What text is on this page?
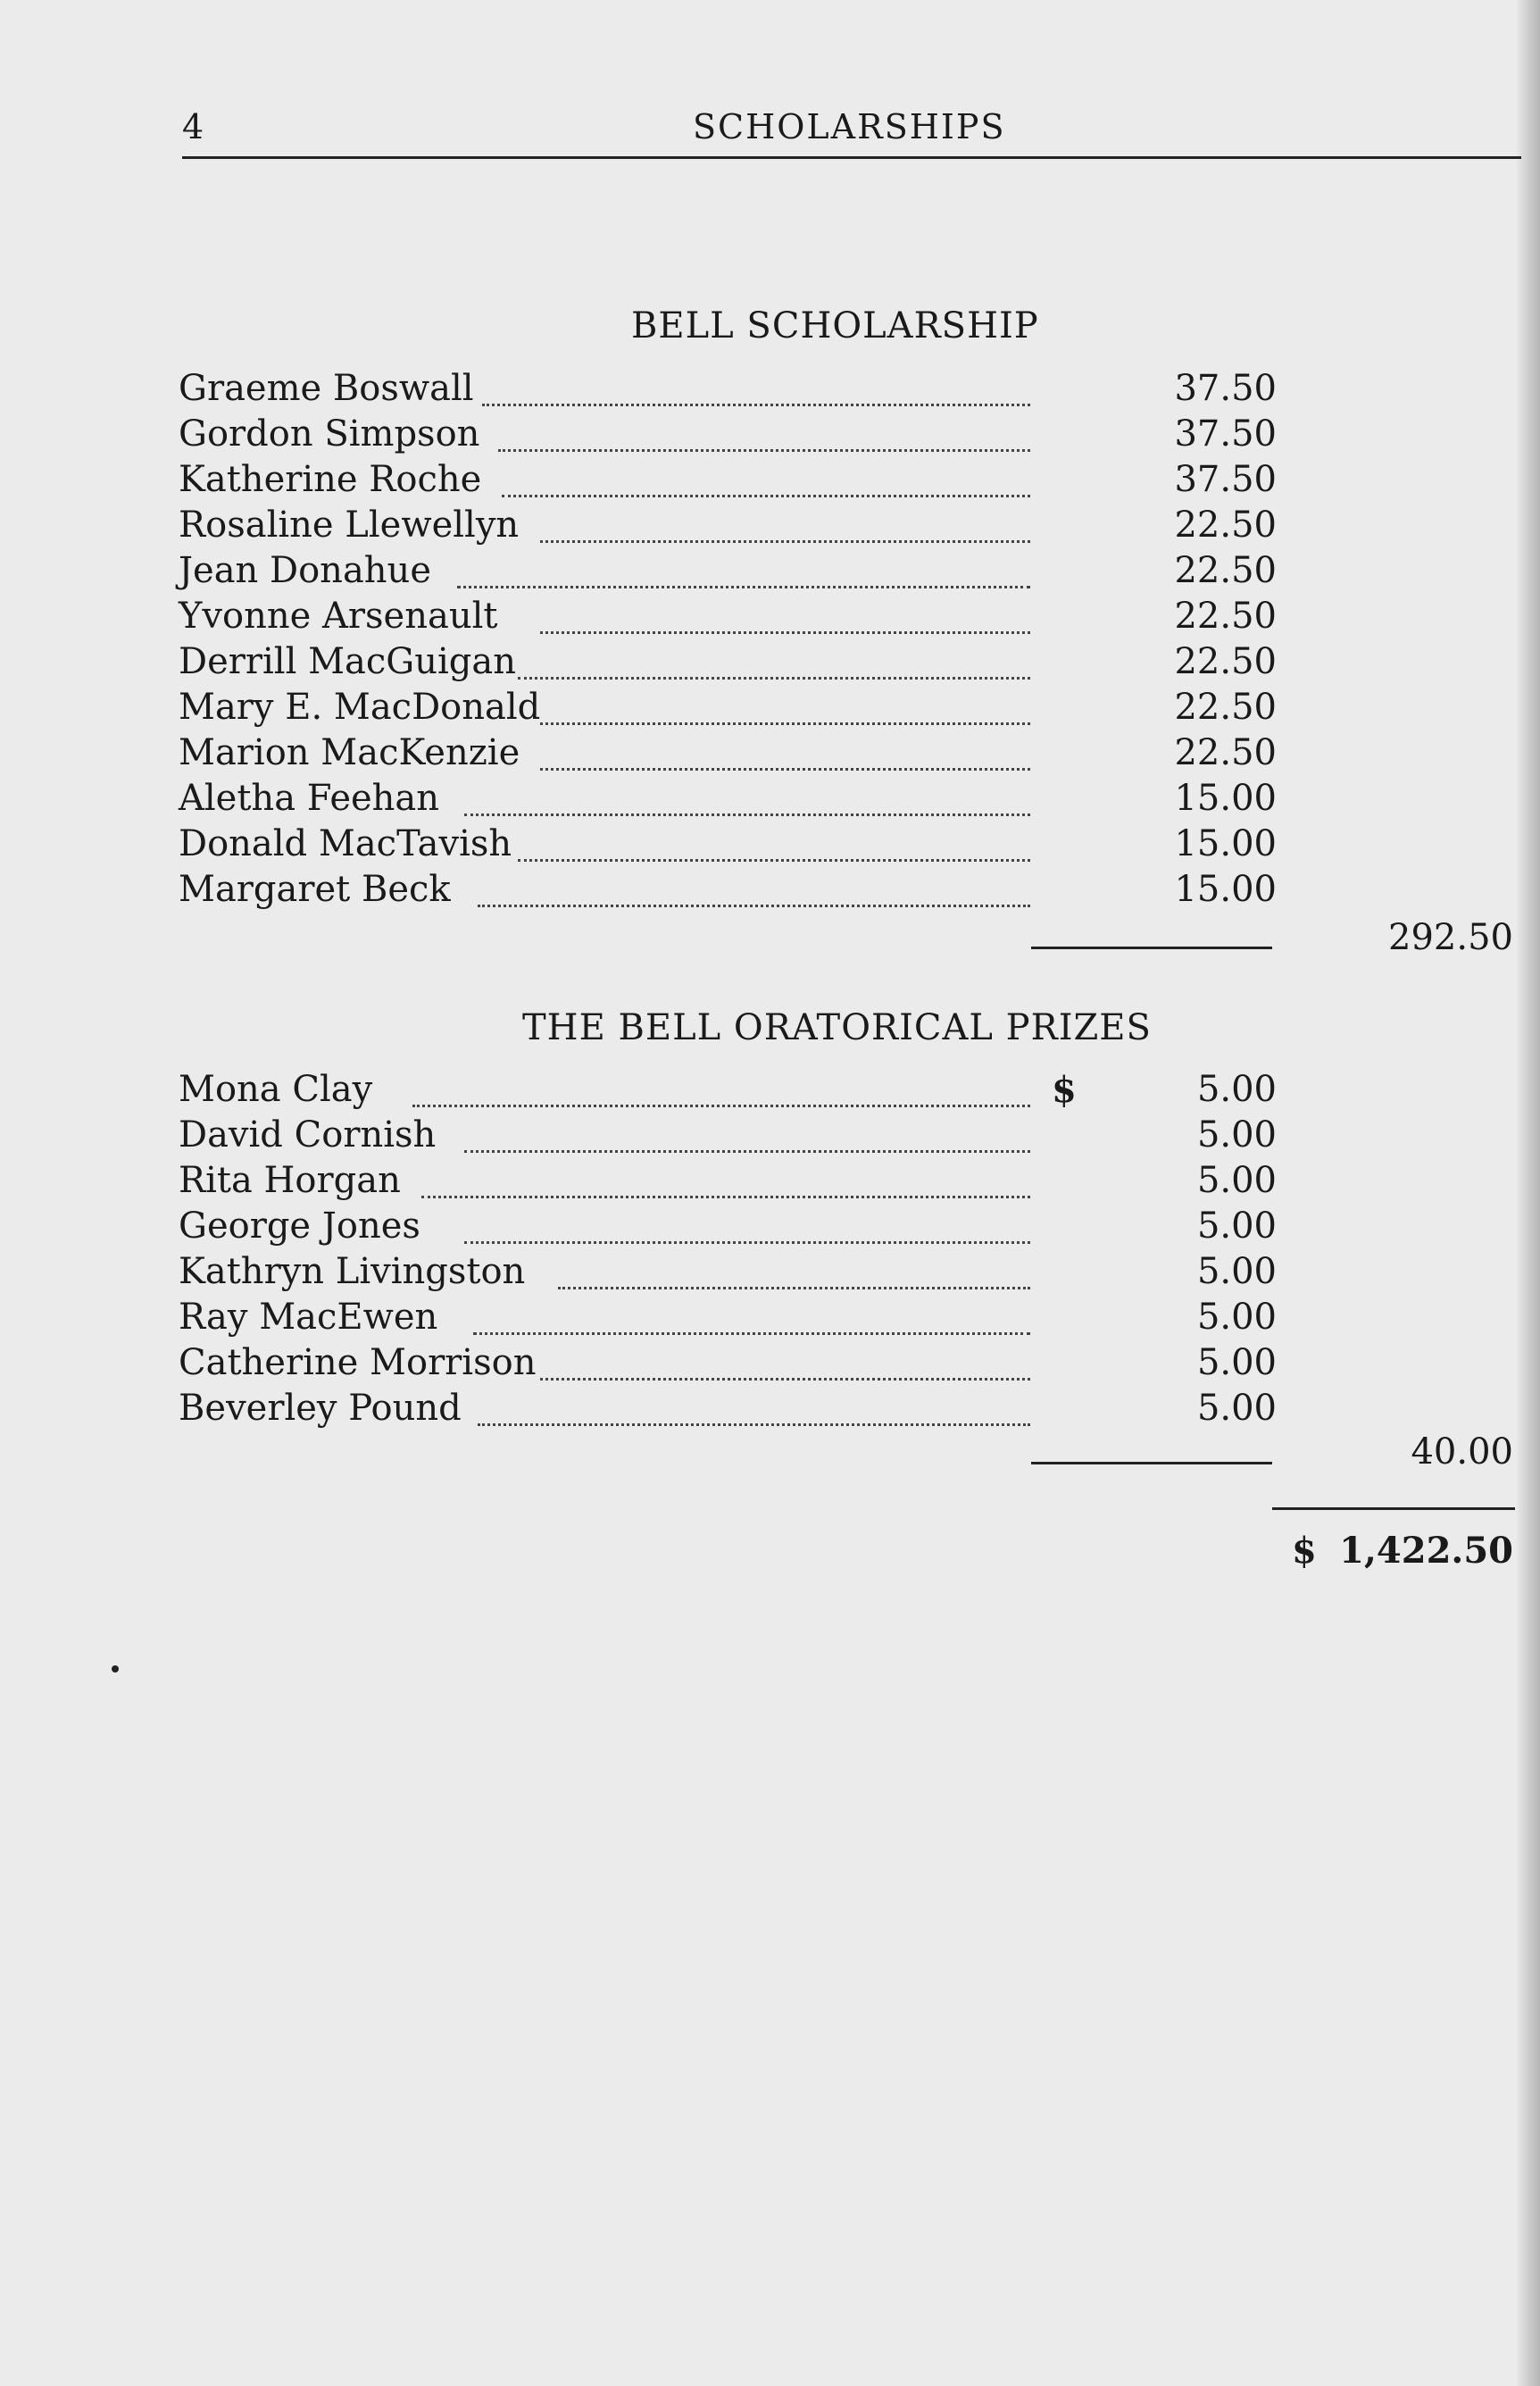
4	SCHOLARSHIPS
BELL SCHOLARSHIP
Graeme Boswall	37.50
Gordon Simpson	37.50
Katherine Roche	37.50
Rosaline Llewellyn	22.50
Jean Donahue	22.50
Yvonne Arsenault	22.50
Derrill MacGuigan	22.50
Mary E. MacDonald	22.50
Marion MacKenzie	22.50
Aletha Feehan	15.00
Donald MacTavish	15.00
Margaret Beck	15.00
292.50
THE BELL ORATORICAL PRIZES
Mona Clay	$	5.00
David Cornish	5.00
Rita Horgan	5.00
George Jones	5.00
Kathryn Livingston	5.00
Ray MacEwen	5.00
Catherine Morrison	5.00
Beverley Pound	5.00
40.00
$ 1,422.50
